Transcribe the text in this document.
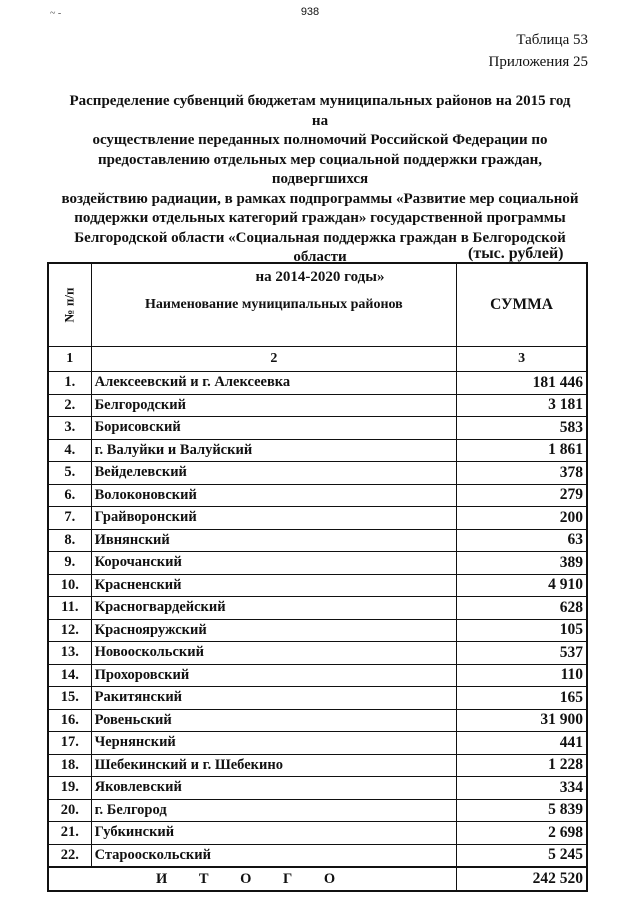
938
~ -
Таблица 53
Приложения 25
Распределение субвенций бюджетам муниципальных районов на 2015 год на
осуществление переданных полномочий Российской Федерации по
предоставлению отдельных мер социальной поддержки граждан, подвергшихся
воздействию радиации, в рамках подпрограммы «Развитие мер социальной
поддержки отдельных категорий граждан» государственной программы
Белгородской области «Социальная поддержка граждан в Белгородской области
на 2014-2020 годы»
(тыс. рублей)
№ п/п	Наименование муниципальных районов	СУММА
1	2	3
1.	Алексеевский и г. Алексеевка	181 446
2.	Белгородский	3 181
3.	Борисовский	583
4.	г. Валуйки и Валуйский	1 861
5.	Вейделевский	378
6.	Волоконовский	279
7.	Грайворонский	200
8.	Ивнянский	63
9.	Корочанский	389
10.	Красненский	4 910
11.	Красногвардейский	628
12.	Краснояружский	105
13.	Новооскольский	537
14.	Прохоровский	110
15.	Ракитянский	165
16.	Ровеньский	31 900
17.	Чернянский	441
18.	Шебекинский и г. Шебекино	1 228
19.	Яковлевский	334
20.	г. Белгород	5 839
21.	Губкинский	2 698
22.	Старооскольский	5 245
И Т О Г О		242 520
